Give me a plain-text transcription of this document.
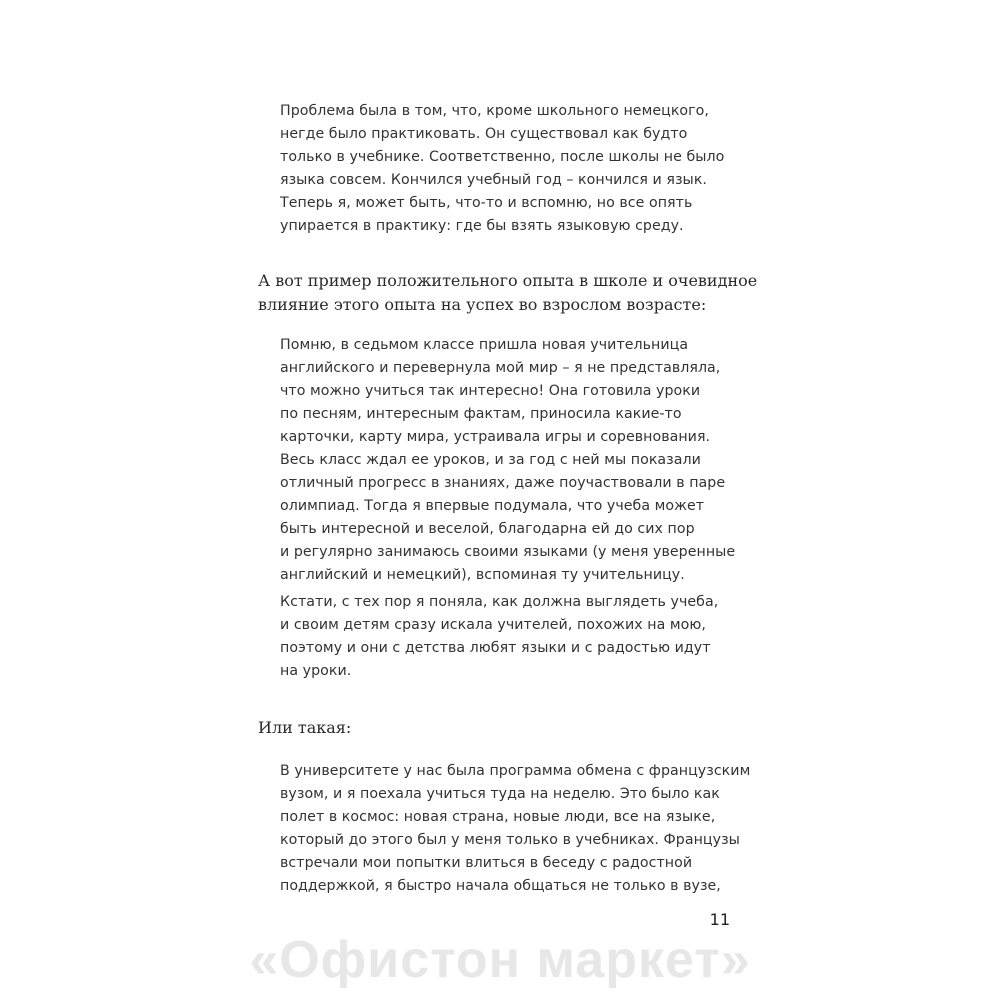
Проблема была в том, что, кроме школьного немецкого,
негде было практиковать. Он существовал как будто
только в учебнике. Соответственно, после школы не было
языка совсем. Кончился учебный год – кончился и язык.
Теперь я, может быть, что-то и вспомню, но все опять
упирается в практику: где бы взять языковую среду.
А вот пример положительного опыта в школе и очевидное
влияние этого опыта на успех во взрослом возрасте:
Помню, в седьмом классе пришла новая учительница
английского и перевернула мой мир – я не представляла,
что можно учиться так интересно! Она готовила уроки
по песням, интересным фактам, приносила какие-то
карточки, карту мира, устраивала игры и соревнования.
Весь класс ждал ее уроков, и за год с ней мы показали
отличный прогресс в знаниях, даже поучаствовали в паре
олимпиад. Тогда я впервые подумала, что учеба может
быть интересной и веселой, благодарна ей до сих пор
и регулярно занимаюсь своими языками (у меня уверенные
английский и немецкий), вспоминая ту учительницу.
Кстати, с тех пор я поняла, как должна выглядеть учеба,
и своим детям сразу искала учителей, похожих на мою,
поэтому и они с детства любят языки и с радостью идут
на уроки.
Или такая:
В университете у нас была программа обмена с французским
вузом, и я поехала учиться туда на неделю. Это было как
полет в космос: новая страна, новые люди, все на языке,
который до этого был у меня только в учебниках. Французы
встречали мои попытки влиться в беседу с радостной
поддержкой, я быстро начала общаться не только в вузе,
11
«Офистон маркет»
